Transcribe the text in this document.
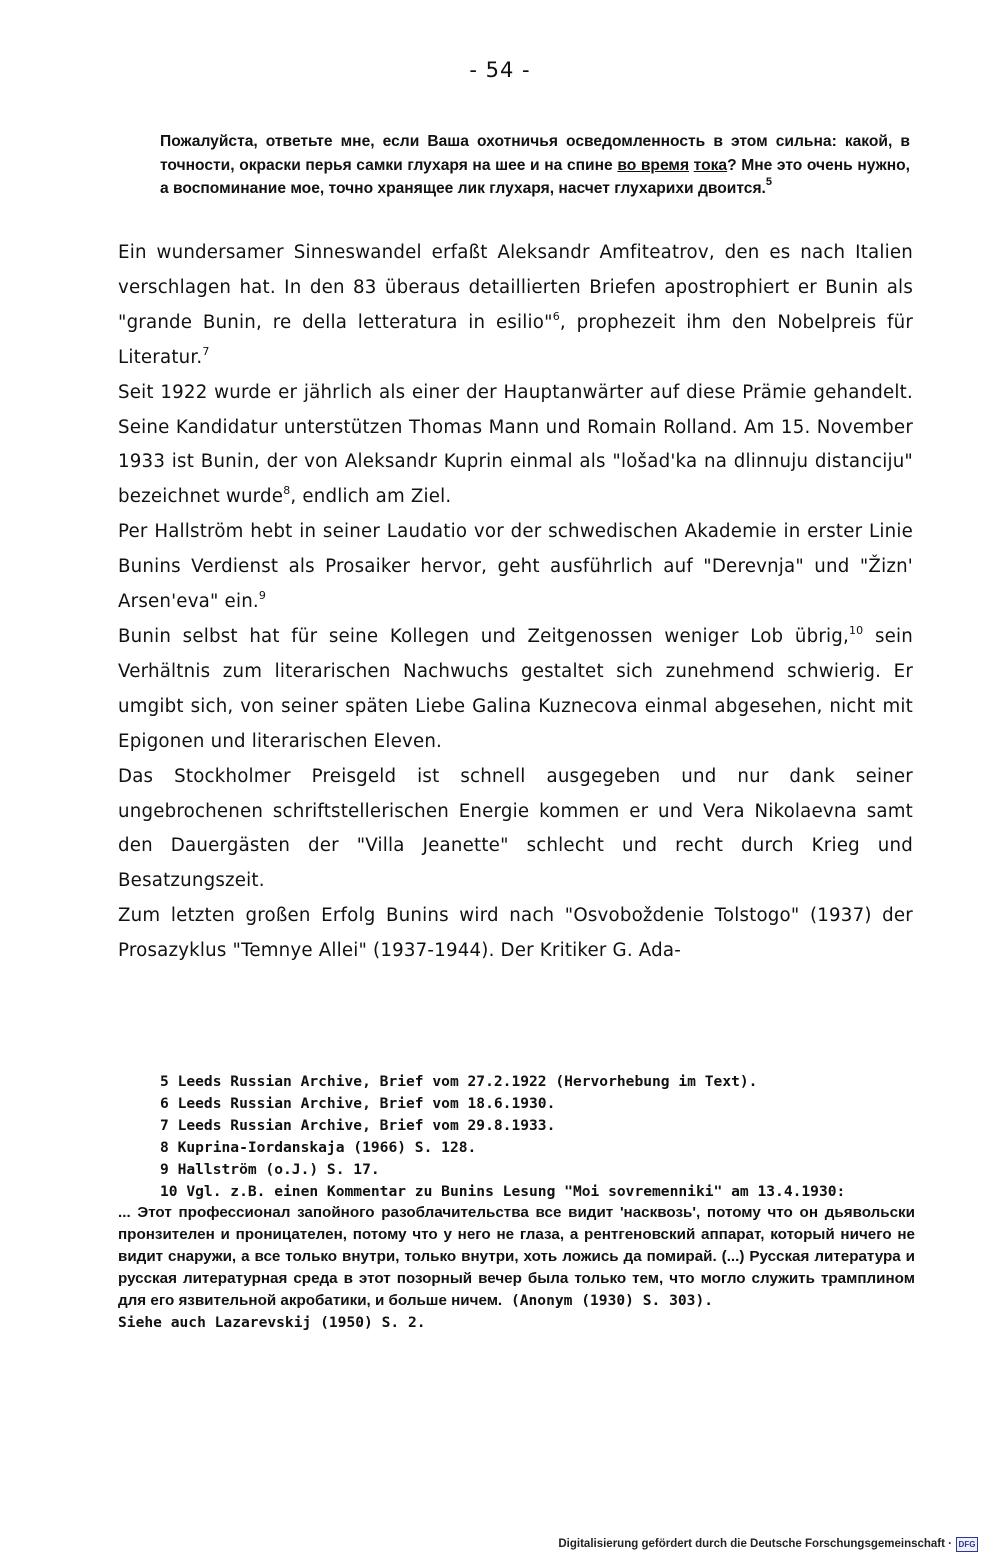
- 54 -
Пожалуйста, ответьте мне, если Ваша охотничья осведомленность в этом сильна: какой, в точности, окраски перья самки глухаря на шее и на спине во время тока? Мне это очень нужно, а воспоминание мое, точно хранящее лик глухаря, насчет глухарихи двоится.$^5$

Ein wundersamer Sinneswandel erfaßt Aleksandr Amfiteatrov, den es nach Italien verschlagen hat. In den 83 überaus detaillierten Briefen apostrophiert er Bunin als "grande Bunin, re della letteratura in esilio"$^6$, prophezeit ihm den Nobelpreis für Literatur.$^7$

Seit 1922 wurde er jährlich als einer der Hauptanwärter auf diese Prämie gehandelt. Seine Kandidatur unterstützen Thomas Mann und Romain Rolland. Am 15. November 1933 ist Bunin, der von Aleksandr Kuprin einmal als "lošad'ka na dlinnuju distanciju" bezeichnet wurde$^8$, endlich am Ziel.

Per Hallström hebt in seiner Laudatio vor der schwedischen Akademie in erster Linie Bunins Verdienst als Prosaiker hervor, geht ausführlich auf "Derevnja" und "Žizn' Arsen'eva" ein.$^9$

Bunin selbst hat für seine Kollegen und Zeitgenossen weniger Lob übrig,$^{10}$ sein Verhältnis zum literarischen Nachwuchs gestaltet sich zunehmend schwierig. Er umgibt sich, von seiner späten Liebe Galina Kuznecova einmal abgesehen, nicht mit Epigonen und literarischen Eleven.

Das Stockholmer Preisgeld ist schnell ausgegeben und nur dank seiner ungebrochenen schriftstellerischen Energie kommen er und Vera Nikolaevna samt den Dauergästen der "Villa Jeanette" schlecht und recht durch Krieg und Besatzungszeit.

Zum letzten großen Erfolg Bunins wird nach "Osvoboždenie Tolstogo" (1937) der Prosazyklus "Temnye Allei" (1937-1944). Der Kritiker G. Ada-

5 Leeds Russian Archive, Brief vom 27.2.1922 (Hervorhebung im Text).

6 Leeds Russian Archive, Brief vom 18.6.1930.

7 Leeds Russian Archive, Brief vom 29.8.1933.

8 Kuprina-Iordanskaja (1966) S. 128.

9 Hallström (o.J.) S. 17.

10 Vgl. z.B. einen Kommentar zu Bunins Lesung "Moi sovremenniki" am 13.4.1930:

... Этот профессионал запойного разоблачительства все видит 'насквозь', потому что он дьявольски пронзителен и проницателен, потому что у него не глаза, а рентгеновский аппарат, который ничего не видит снаружи, а все только внутри, только внутри, хоть ложись да помирай. (...) Русская литература и русская литературная среда в этот позорный вечер была только тем, что могло служить трамплином для его язвительной акробатики, и больше ничем. (Anonym (1930) S. 303).

Siehe auch Lazarevskij (1950) S. 2.

Digitalisierung gefördert durch die Deutsche Forschungsgemeinschaft · DFG
